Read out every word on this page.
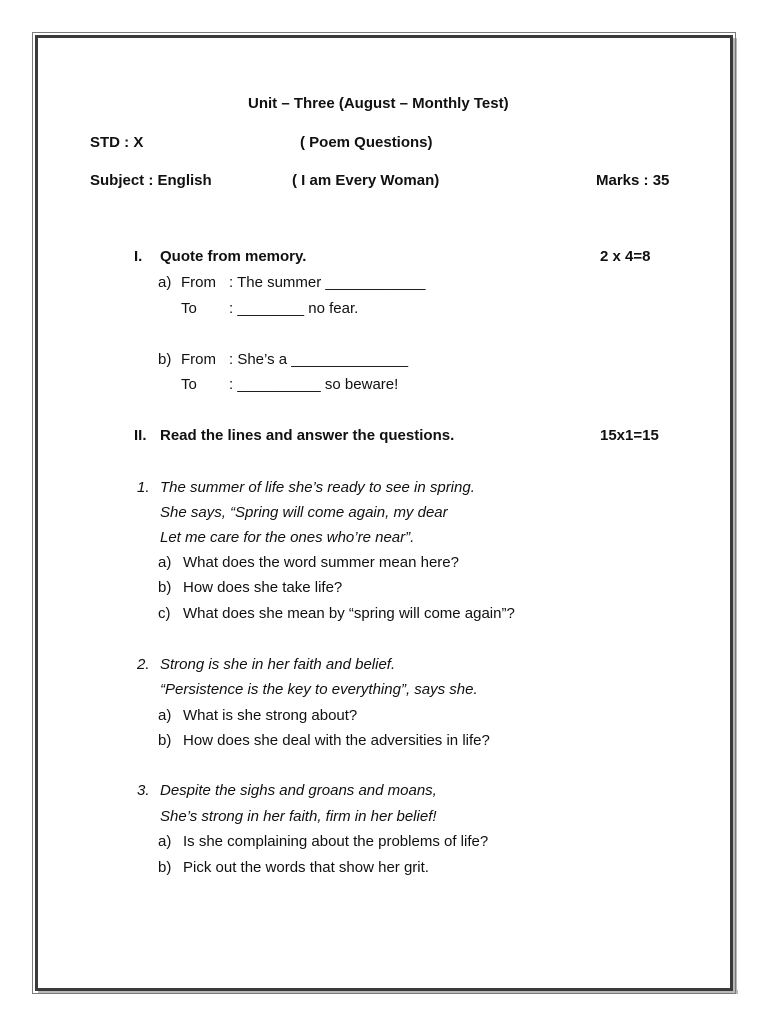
Unit – Three (August – Monthly Test)
STD : X	( Poem Questions)
Subject : English	( I am Every Woman)	Marks : 35
I. Quote from memory.	2 x 4=8
a) From : The summer ____________
To : ________ no fear.
b) From : She’s a ______________
To : __________ so beware!
II. Read the lines and answer the questions.	15x1=15
1. The summer of life she’s ready to see in spring.
She says, “Spring will come again, my dear
Let me care for the ones who’re near”.
a) What does the word summer mean here?
b) How does she take life?
c) What does she mean by “spring will come again”?
2. Strong is she in her faith and belief.
“Persistence is the key to everything”, says she.
a) What is she strong about?
b) How does she deal with the adversities in life?
3. Despite the sighs and groans and moans,
She’s strong in her faith, firm in her belief!
a) Is she complaining about the problems of life?
b) Pick out the words that show her grit.
